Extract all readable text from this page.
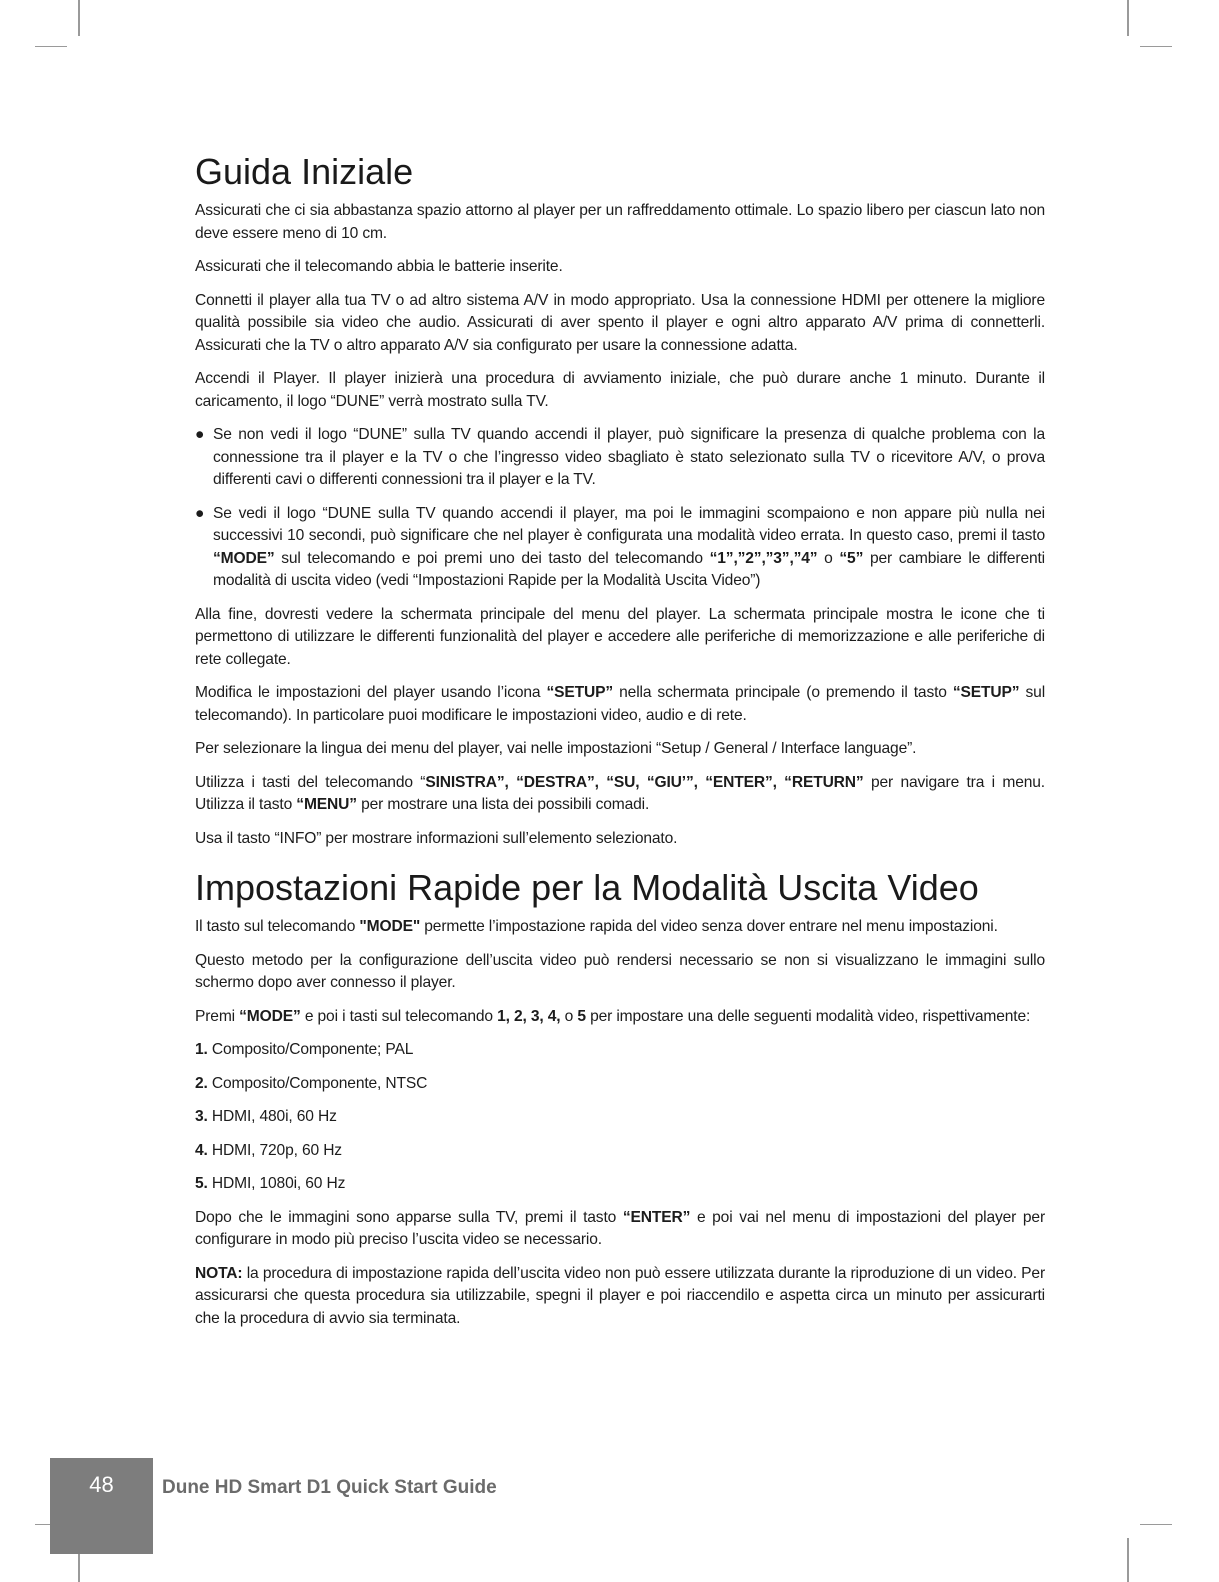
Guida Iniziale

Assicurati che ci sia abbastanza spazio attorno al player per un raffreddamento ottimale. Lo spazio libero per ciascun lato non deve essere meno di 10 cm.

Assicurati che il telecomando abbia le batterie inserite.

Connetti il player alla tua TV o ad altro sistema A/V in modo appropriato. Usa la connessione HDMI per ottenere la migliore qualità possibile sia video che audio. Assicurati di aver spento il player e ogni altro apparato A/V prima di connetterli. Assicurati che la TV o altro apparato A/V sia configurato per usare la connessione adatta.

Accendi il Player. Il player inizierà una procedura di avviamento iniziale, che può durare anche 1 minuto. Durante il caricamento, il logo “DUNE” verrà mostrato sulla TV.

● Se non vedi il logo “DUNE” sulla TV quando accendi il player, può significare la presenza di qualche problema con la connessione tra il player e la TV o che l’ingresso video sbagliato è stato selezionato sulla TV o ricevitore A/V, o prova differenti cavi o differenti connessioni tra il player e la TV.

● Se vedi il logo “DUNE sulla TV quando accendi il player, ma poi le immagini scompaiono e non appare più nulla nei successivi 10 secondi, può significare che nel player è configurata una modalità video errata. In questo caso, premi il tasto “MODE” sul telecomando e poi premi uno dei tasto del telecomando “1”,”2”,”3”,”4” o “5” per cambiare le differenti modalità di uscita video (vedi “Impostazioni Rapide per la Modalità Uscita Video”)

Alla fine, dovresti vedere la schermata principale del menu del player. La schermata principale mostra le icone che ti permettono di utilizzare le differenti funzionalità del player e accedere alle periferiche di memorizzazione e alle periferiche di rete collegate.

Modifica le impostazioni del player usando l’icona “SETUP” nella schermata principale (o premendo il tasto “SETUP” sul telecomando). In particolare puoi modificare le impostazioni video, audio e di rete.

Per selezionare la lingua dei menu del player, vai nelle impostazioni “Setup / General / Interface language”.

Utilizza i tasti del telecomando “SINISTRA”, “DESTRA”, “SU, “GIU’”, “ENTER”, “RETURN” per navigare tra i menu. Utilizza il tasto “MENU” per mostrare una lista dei possibili comadi.

Usa il tasto “INFO” per mostrare informazioni sull’elemento selezionato.

Impostazioni Rapide per la Modalità Uscita Video

Il tasto sul telecomando "MODE" permette l’impostazione rapida del video senza dover entrare nel menu impostazioni.

Questo metodo per la configurazione dell’uscita video può rendersi necessario se non si visualizzano le immagini sullo schermo dopo aver connesso il player.

Premi “MODE” e poi i tasti sul telecomando 1, 2, 3, 4, o 5 per impostare una delle seguenti modalità video, rispettivamente:

1. Composito/Componente; PAL

2. Composito/Componente, NTSC

3. HDMI, 480i, 60 Hz

4. HDMI, 720p, 60 Hz

5. HDMI, 1080i, 60 Hz

Dopo che le immagini sono apparse sulla TV, premi il tasto “ENTER” e poi vai nel menu di impostazioni del player per configurare in modo più preciso l’uscita video se necessario.

NOTA: la procedura di impostazione rapida dell’uscita video non può essere utilizzata durante la riproduzione di un video. Per assicurarsi che questa procedura sia utilizzabile, spegni il player e poi riaccendilo e aspetta circa un minuto per assicurarti che la procedura di avvio sia terminata.

48	Dune HD Smart D1 Quick Start Guide
